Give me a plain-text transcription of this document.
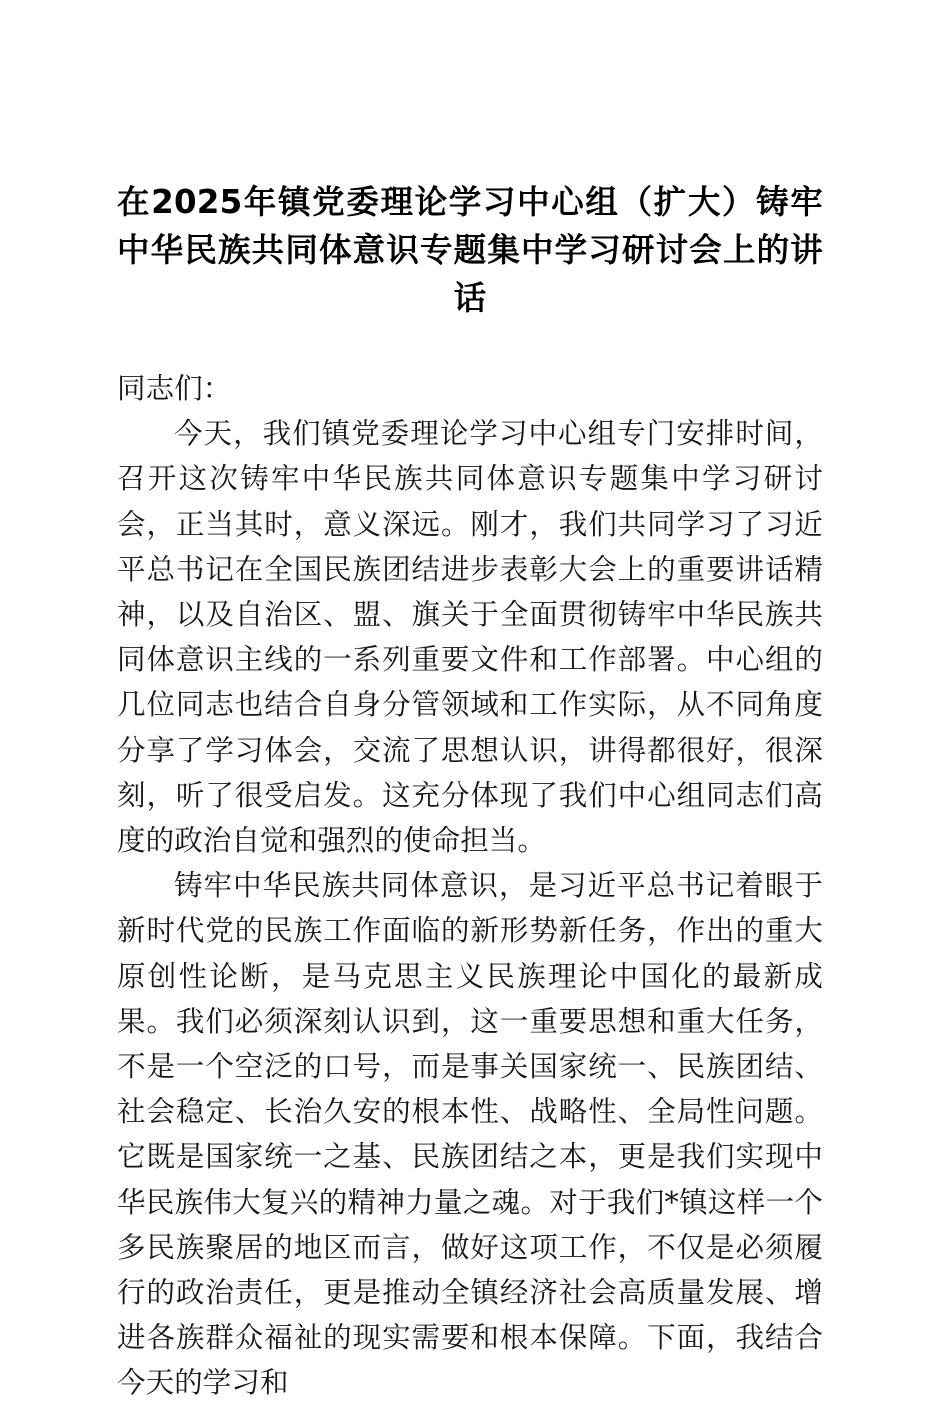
在2025年镇党委理论学习中心组（扩大）铸牢中华民族共同体意识专题集中学习研讨会上的讲话

同志们：

今天，我们镇党委理论学习中心组专门安排时间，召开这次铸牢中华民族共同体意识专题集中学习研讨会，正当其时，意义深远。刚才，我们共同学习了习近平总书记在全国民族团结进步表彰大会上的重要讲话精神，以及自治区、盟、旗关于全面贯彻铸牢中华民族共同体意识主线的一系列重要文件和工作部署。中心组的几位同志也结合自身分管领域和工作实际，从不同角度分享了学习体会，交流了思想认识，讲得都很好，很深刻，听了很受启发。这充分体现了我们中心组同志们高度的政治自觉和强烈的使命担当。

铸牢中华民族共同体意识，是习近平总书记着眼于新时代党的民族工作面临的新形势新任务，作出的重大原创性论断，是马克思主义民族理论中国化的最新成果。我们必须深刻认识到，这一重要思想和重大任务，不是一个空泛的口号，而是事关国家统一、民族团结、社会稳定、长治久安的根本性、战略性、全局性问题。它既是国家统一之基、民族团结之本，更是我们实现中华民族伟大复兴的精神力量之魂。对于我们*镇这样一个多民族聚居的地区而言，做好这项工作，不仅是必须履行的政治责任，更是推动全镇经济社会高质量发展、增进各族群众福祉的现实需要和根本保障。下面，我结合今天的学习和
